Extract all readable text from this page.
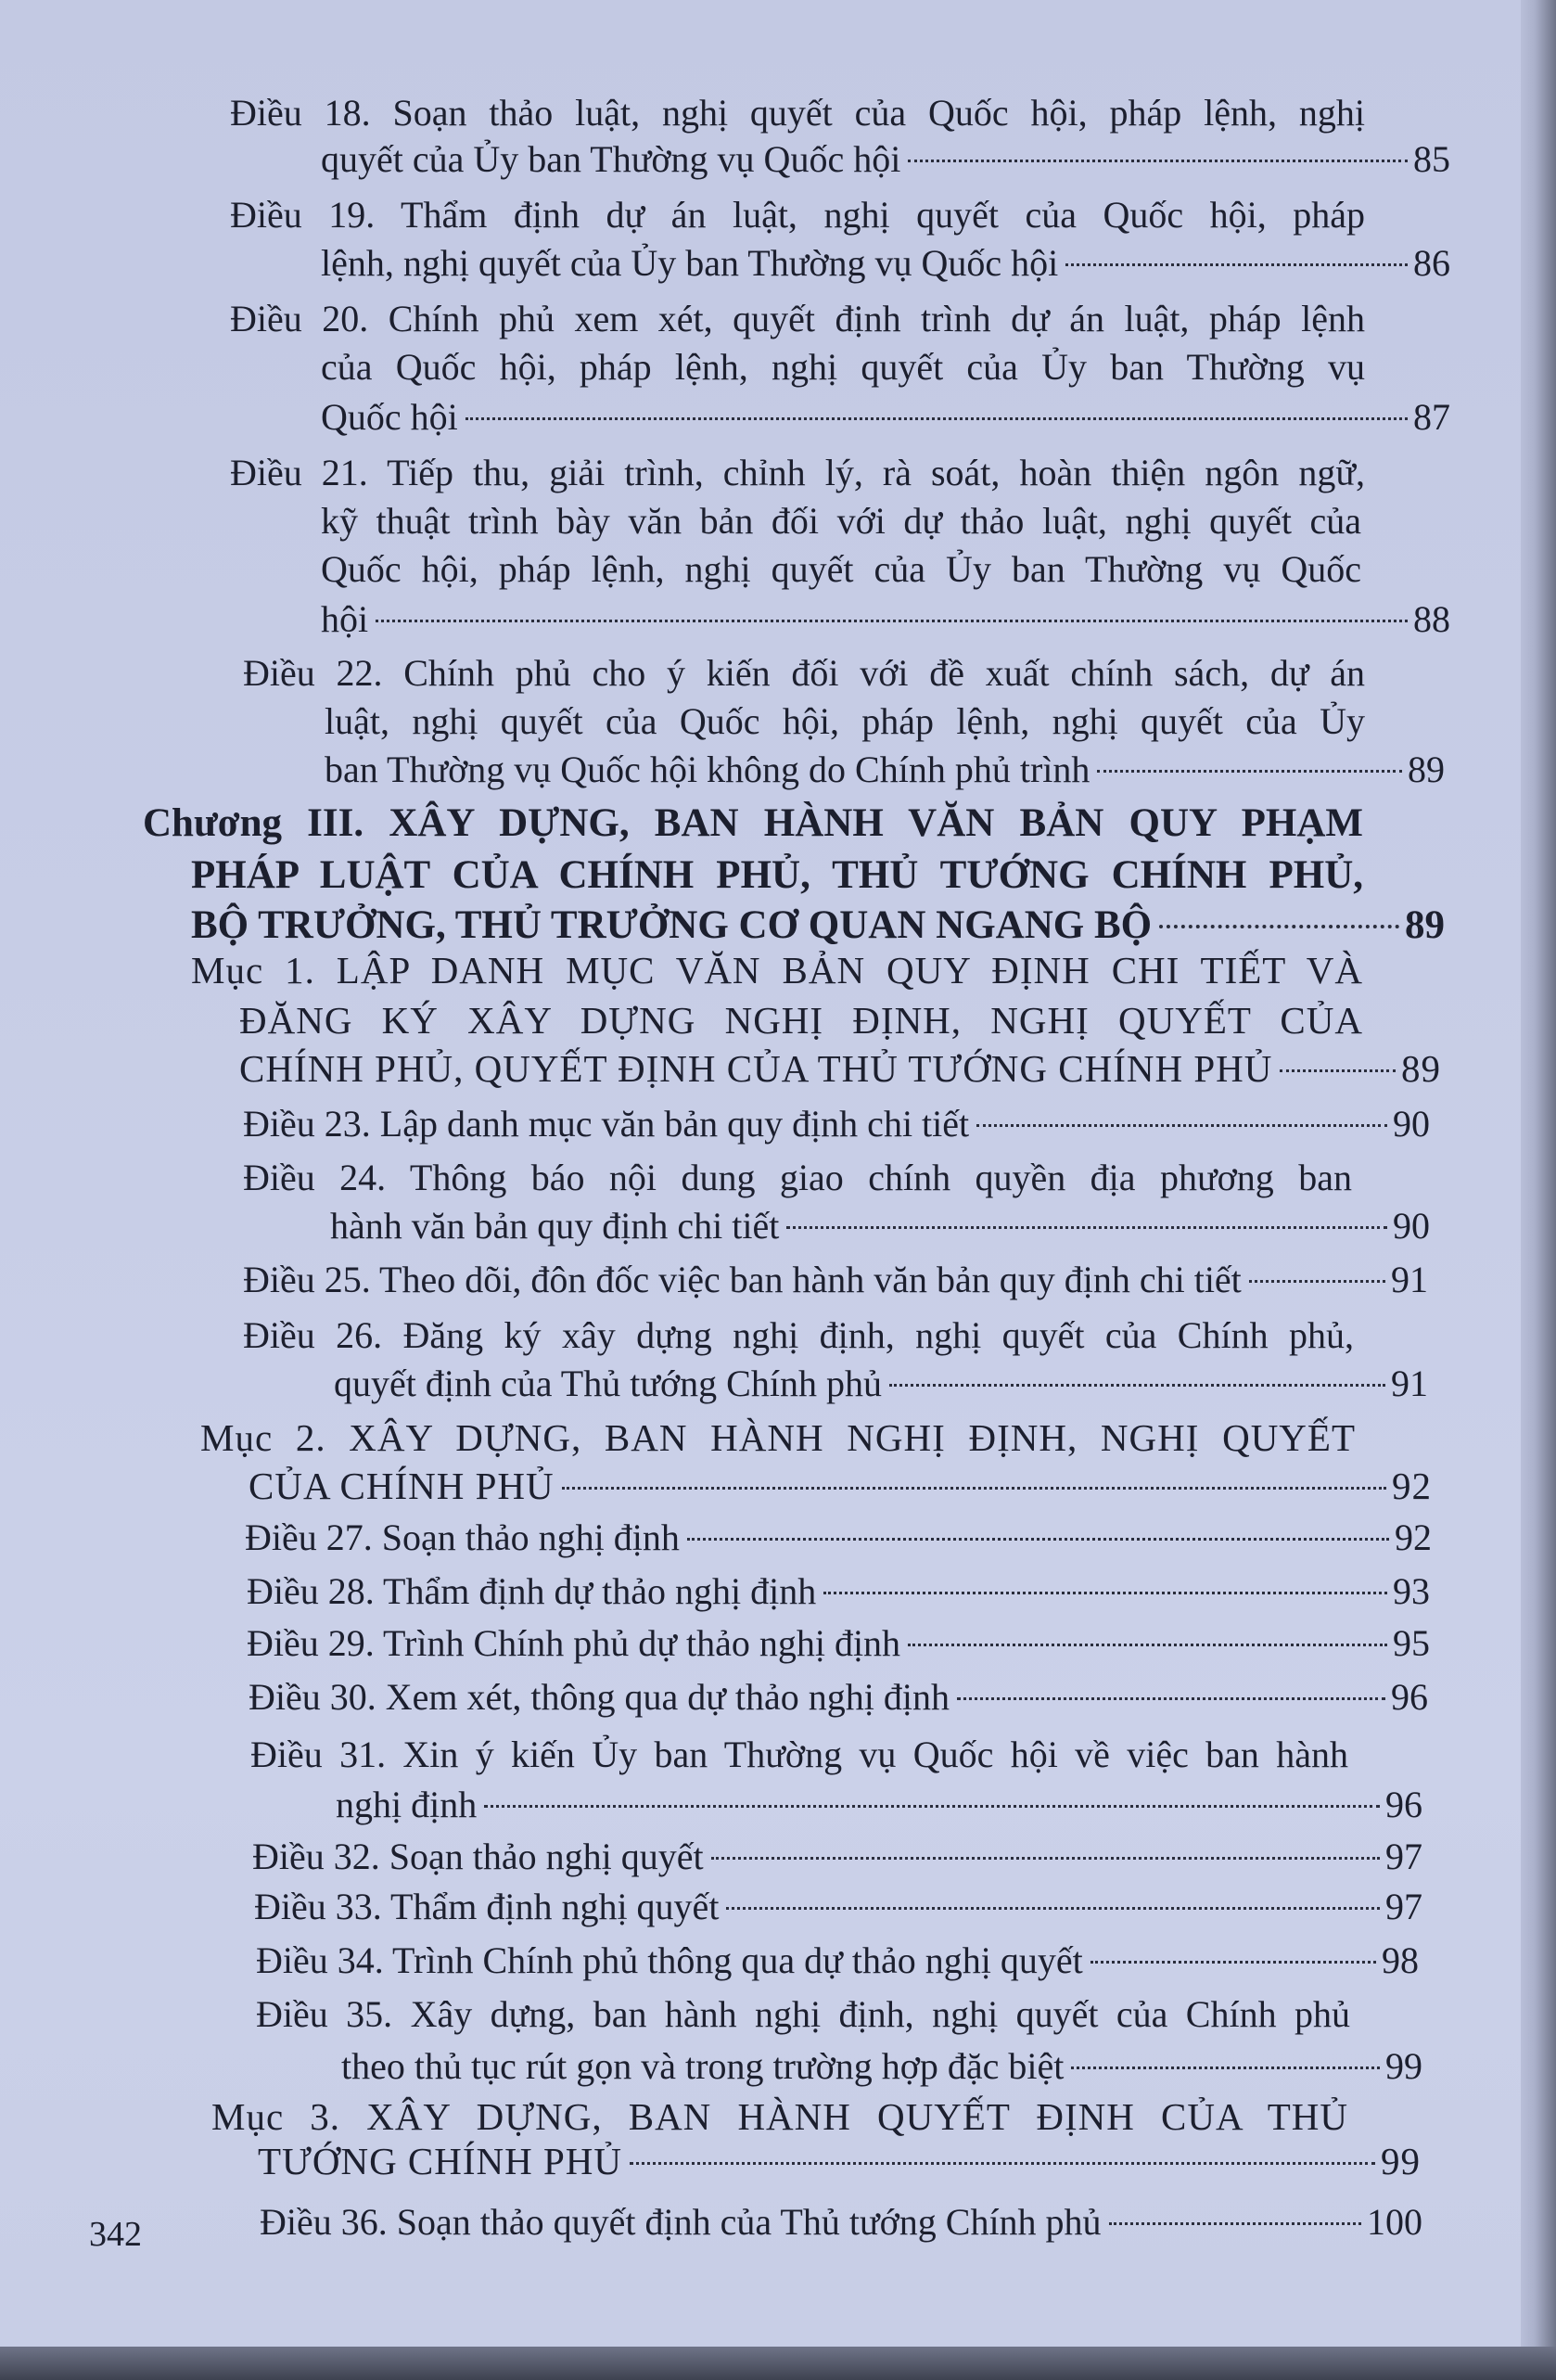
Điều 18. Soạn thảo luật, nghị quyết của Quốc hội, pháp lệnh, nghị
quyết của Ủy ban Thường vụ Quốc hội	85
Điều 19. Thẩm định dự án luật, nghị quyết của Quốc hội, pháp
lệnh, nghị quyết của Ủy ban Thường vụ Quốc hội	86
Điều 20. Chính phủ xem xét, quyết định trình dự án luật, pháp lệnh
của Quốc hội, pháp lệnh, nghị quyết của Ủy ban Thường vụ
Quốc hội	87
Điều 21. Tiếp thu, giải trình, chỉnh lý, rà soát, hoàn thiện ngôn ngữ,
kỹ thuật trình bày văn bản đối với dự thảo luật, nghị quyết của
Quốc hội, pháp lệnh, nghị quyết của Ủy ban Thường vụ Quốc
hội	88
Điều 22. Chính phủ cho ý kiến đối với đề xuất chính sách, dự án
luật, nghị quyết của Quốc hội, pháp lệnh, nghị quyết của Ủy
ban Thường vụ Quốc hội không do Chính phủ trình	89
Chương III. XÂY DỰNG, BAN HÀNH VĂN BẢN QUY PHẠM
PHÁP LUẬT CỦA CHÍNH PHỦ, THỦ TƯỚNG CHÍNH PHỦ,
BỘ TRƯỞNG, THỦ TRƯỞNG CƠ QUAN NGANG BỘ	89
Mục 1. LẬP DANH MỤC VĂN BẢN QUY ĐỊNH CHI TIẾT VÀ
ĐĂNG KÝ XÂY DỰNG NGHỊ ĐỊNH, NGHỊ QUYẾT CỦA
CHÍNH PHỦ, QUYẾT ĐỊNH CỦA THỦ TƯỚNG CHÍNH PHỦ	89
Điều 23. Lập danh mục văn bản quy định chi tiết	90
Điều 24. Thông báo nội dung giao chính quyền địa phương ban
hành văn bản quy định chi tiết	90
Điều 25. Theo dõi, đôn đốc việc ban hành văn bản quy định chi tiết	91
Điều 26. Đăng ký xây dựng nghị định, nghị quyết của Chính phủ,
quyết định của Thủ tướng Chính phủ	91
Mục 2. XÂY DỰNG, BAN HÀNH NGHỊ ĐỊNH, NGHỊ QUYẾT
CỦA CHÍNH PHỦ	92
Điều 27. Soạn thảo nghị định	92
Điều 28. Thẩm định dự thảo nghị định	93
Điều 29. Trình Chính phủ dự thảo nghị định	95
Điều 30. Xem xét, thông qua dự thảo nghị định	96
Điều 31. Xin ý kiến Ủy ban Thường vụ Quốc hội về việc ban hành
nghị định	96
Điều 32. Soạn thảo nghị quyết	97
Điều 33. Thẩm định nghị quyết	97
Điều 34. Trình Chính phủ thông qua dự thảo nghị quyết	98
Điều 35. Xây dựng, ban hành nghị định, nghị quyết của Chính phủ
theo thủ tục rút gọn và trong trường hợp đặc biệt	99
Mục 3. XÂY DỰNG, BAN HÀNH QUYẾT ĐỊNH CỦA THỦ
TƯỚNG CHÍNH PHỦ	99
Điều 36. Soạn thảo quyết định của Thủ tướng Chính phủ	100
342
